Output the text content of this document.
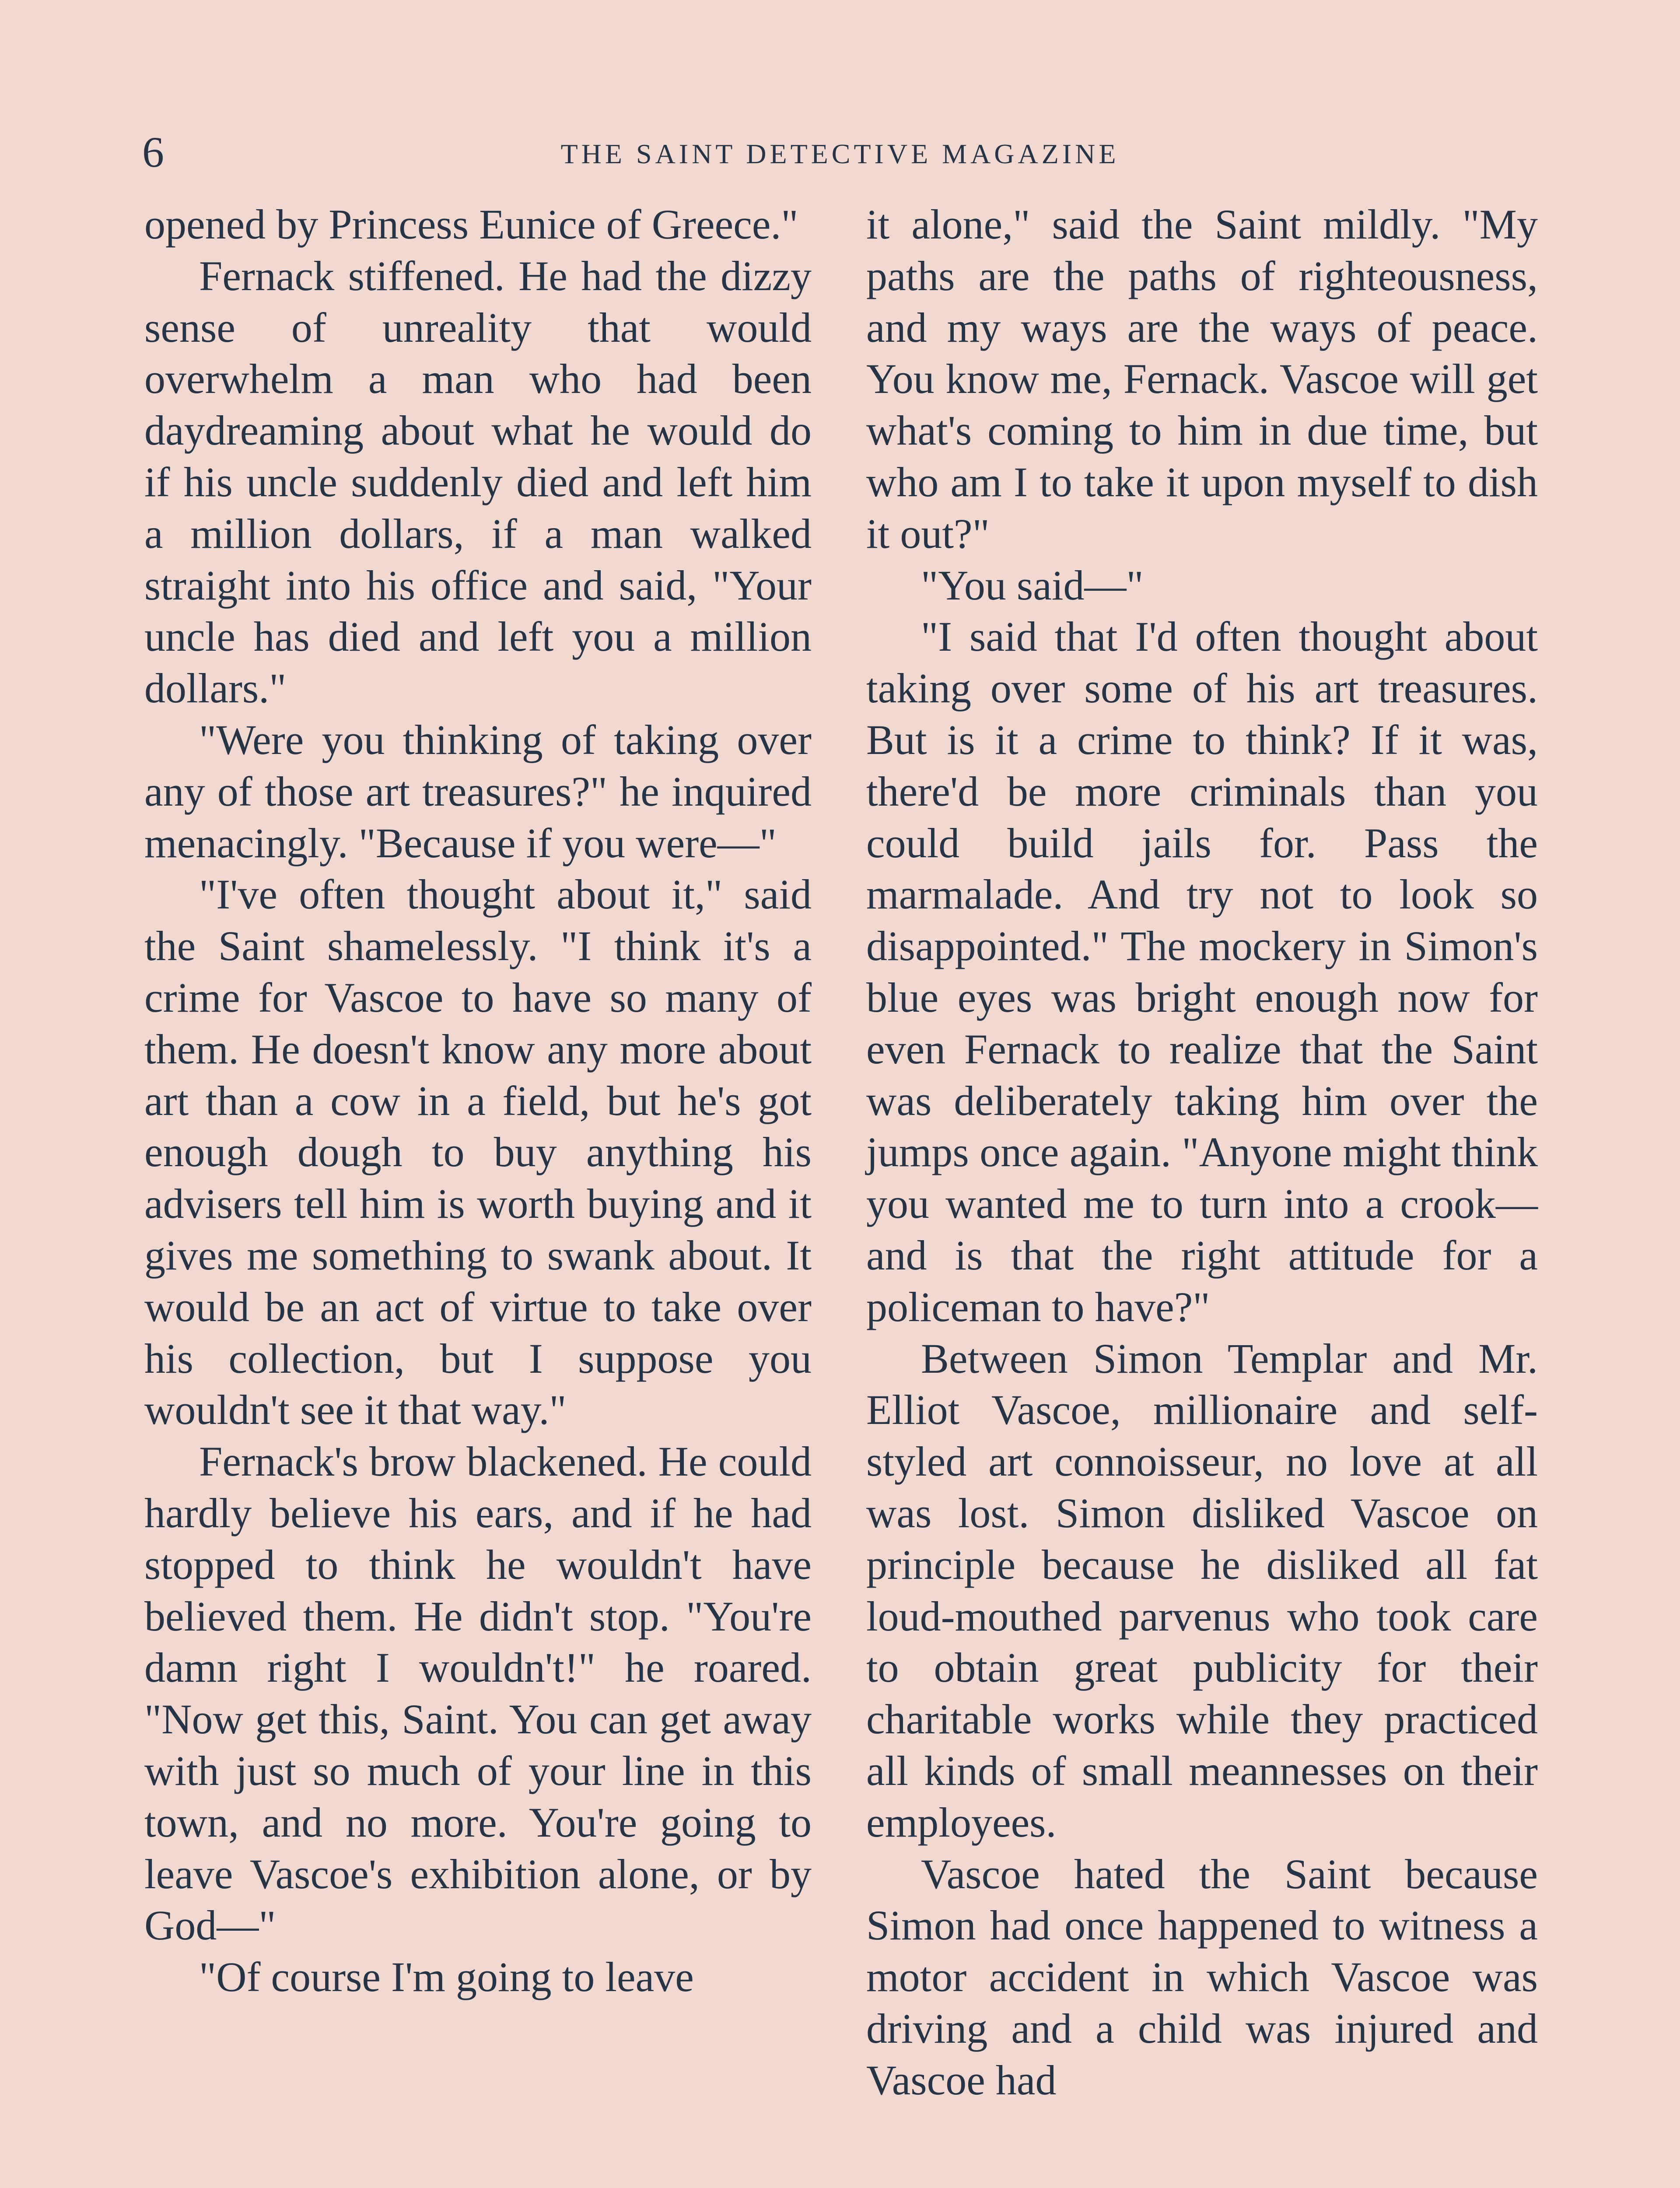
6	THE SAINT DETECTIVE MAGAZINE

opened by Princess Eunice of Greece."

Fernack stiffened. He had the dizzy sense of unreality that would overwhelm a man who had been daydreaming about what he would do if his uncle suddenly died and left him a million dollars, if a man walked straight into his office and said, "Your uncle has died and left you a million dollars."

"Were you thinking of taking over any of those art treasures?" he inquired menacingly. "Because if you were—"

"I've often thought about it," said the Saint shamelessly. "I think it's a crime for Vascoe to have so many of them. He doesn't know any more about art than a cow in a field, but he's got enough dough to buy anything his advisers tell him is worth buying and it gives me something to swank about. It would be an act of virtue to take over his collection, but I suppose you wouldn't see it that way."

Fernack's brow blackened. He could hardly believe his ears, and if he had stopped to think he wouldn't have believed them. He didn't stop. "You're damn right I wouldn't!" he roared. "Now get this, Saint. You can get away with just so much of your line in this town, and no more. You're going to leave Vascoe's exhibition alone, or by God—"

"Of course I'm going to leave

it alone," said the Saint mildly. "My paths are the paths of righteousness, and my ways are the ways of peace. You know me, Fernack. Vascoe will get what's coming to him in due time, but who am I to take it upon myself to dish it out?"

"You said—"

"I said that I'd often thought about taking over some of his art treasures. But is it a crime to think? If it was, there'd be more criminals than you could build jails for. Pass the marmalade. And try not to look so disappointed." The mockery in Simon's blue eyes was bright enough now for even Fernack to realize that the Saint was deliberately taking him over the jumps once again. "Anyone might think you wanted me to turn into a crook—and is that the right attitude for a policeman to have?"

Between Simon Templar and Mr. Elliot Vascoe, millionaire and self-styled art connoisseur, no love at all was lost. Simon disliked Vascoe on principle because he disliked all fat loud-mouthed parvenus who took care to obtain great publicity for their charitable works while they practiced all kinds of small meannesses on their employees.

Vascoe hated the Saint because Simon had once happened to witness a motor accident in which Vascoe was driving and a child was injured and Vascoe had
